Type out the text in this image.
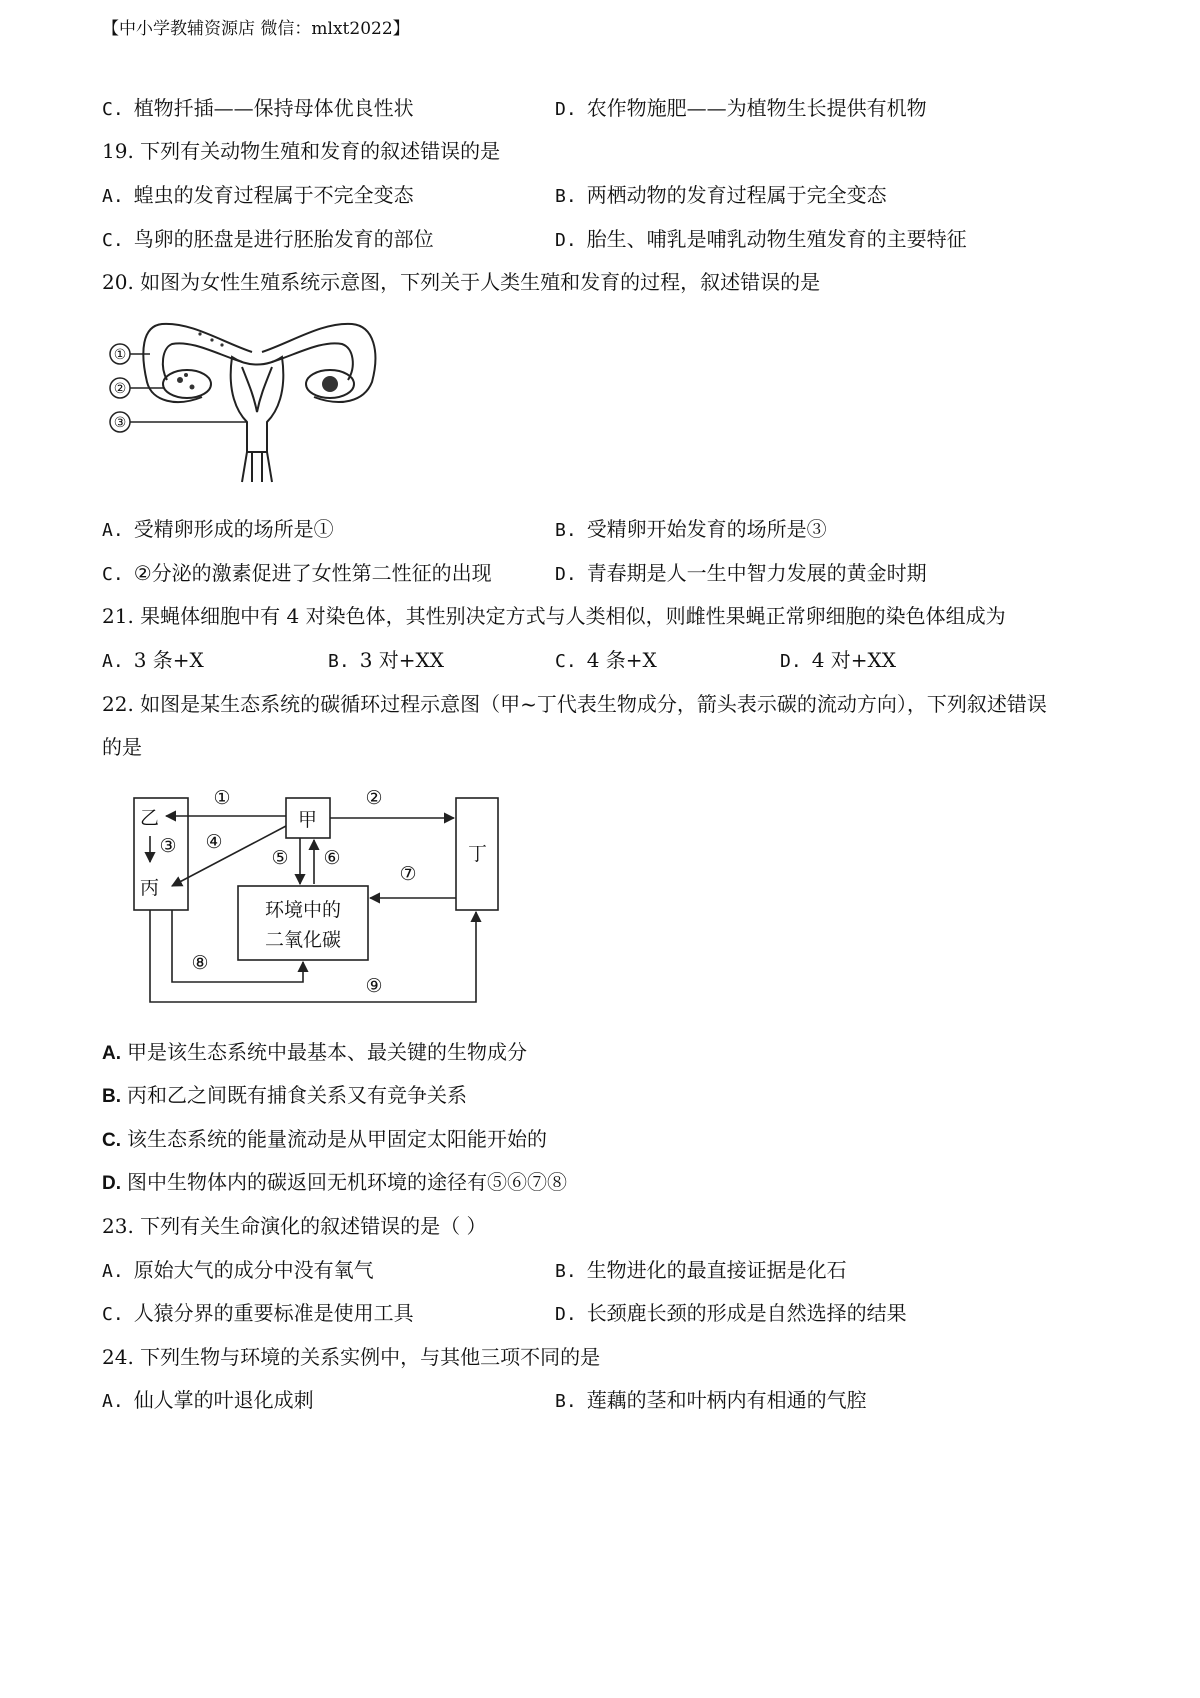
【中小学教辅资源店 微信：mlxt2022】
C. 植物扦插——保持母体优良性状	D. 农作物施肥——为植物生长提供有机物
19. 下列有关动物生殖和发育的叙述错误的是
A. 蝗虫的发育过程属于不完全变态	B. 两栖动物的发育过程属于完全变态
C. 鸟卵的胚盘是进行胚胎发育的部位	D. 胎生、哺乳是哺乳动物生殖发育的主要特征
20. 如图为女性生殖系统示意图，下列关于人类生殖和发育的过程，叙述错误的是
①
②
③
A. 受精卵形成的场所是①	B. 受精卵开始发育的场所是③
C. ②分泌的激素促进了女性第二性征的出现	D. 青春期是人一生中智力发展的黄金时期
21. 果蝇体细胞中有 4 对染色体，其性别决定方式与人类相似，则雌性果蝇正常卵细胞的染色体组成为
A. 3 条+X	B. 3 对+XX	C. 4 条+X	D. 4 对+XX
22. 如图是某生态系统的碳循环过程示意图（甲~丁代表生物成分，箭头表示碳的流动方向），下列叙述错误
的是
乙
丙
甲
丁
环境中的
二氧化碳
①	②
③ ④
⑤ ⑥
⑦
⑧
⑨
A. 甲是该生态系统中最基本、最关键的生物成分
B. 丙和乙之间既有捕食关系又有竞争关系
C. 该生态系统的能量流动是从甲固定太阳能开始的
D. 图中生物体内的碳返回无机环境的途径有⑤⑥⑦⑧
23. 下列有关生命演化的叙述错误的是（ ）
A. 原始大气的成分中没有氧气	B. 生物进化的最直接证据是化石
C. 人猿分界的重要标准是使用工具	D. 长颈鹿长颈的形成是自然选择的结果
24. 下列生物与环境的关系实例中，与其他三项不同的是
A. 仙人掌的叶退化成刺	B. 莲藕的茎和叶柄内有相通的气腔
